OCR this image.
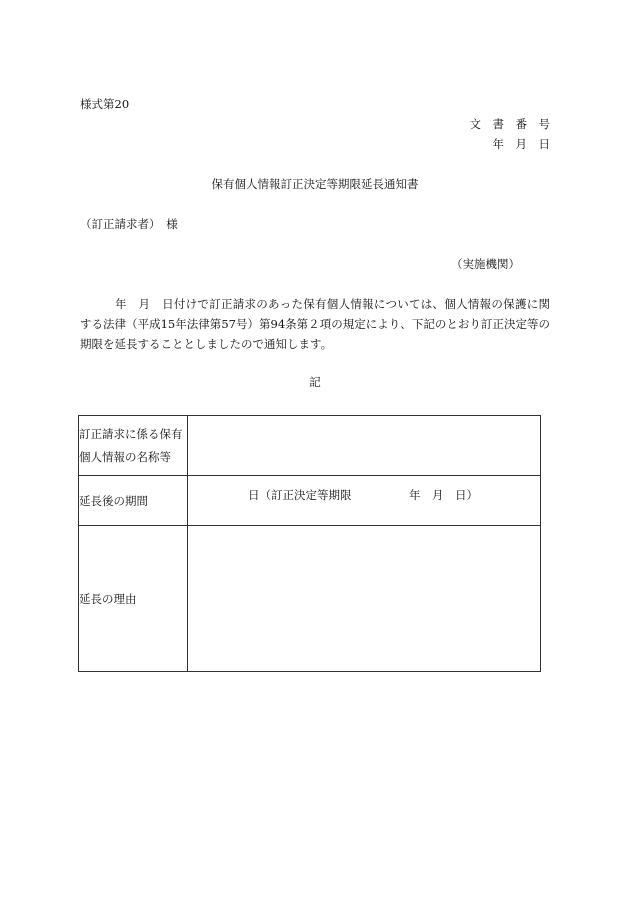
様式第20
文　書　番　号
年　月　日
保有個人情報訂正決定等期限延長通知書
（訂正請求者）　様
（実施機関）
年　月　日付けで訂正請求のあった保有個人情報については、個人情報の保護に関
する法律（平成15年法律第57号）第94条第２項の規定により、下記のとおり訂正決定等の
期限を延長することとしましたので通知します。
記
訂正請求に係る保有
個人情報の名称等	

延長後の期間	日（訂正決定等期限　　　　　年　月　日）

延長の理由	
